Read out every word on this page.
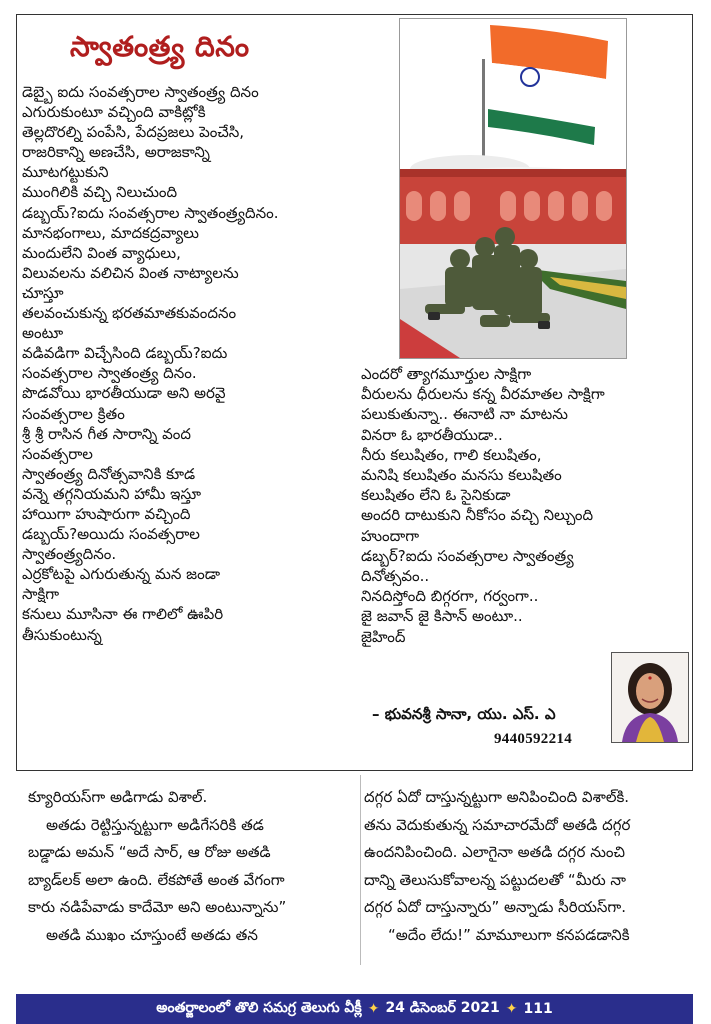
స్వాతంత్ర్య దినం
డెబ్బై ఐదు సంవత్సరాల స్వాతంత్ర్య దినం
ఎగురుకుంటూ వచ్చింది వాకిట్లోకి
తెల్లదొరల్ని పంపేసి, పేదప్రజలు పెంచేసి,
రాజరికాన్ని అణచేసి, అరాజకాన్ని
మూటగట్టుకుని
ముంగిలికి వచ్చి నిలుచుంది
డబ్బయ్?ఐదు సంవత్సరాల స్వాతంత్ర్యదినం.
మానభంగాలు, మాదకద్రవ్యాలు
మందులేని వింత వ్యాధులు,
విలువలను వలిచిన వింత నాట్యాలను
చూస్తూ
తలవంచుకున్న భరతమాతకువందనం
అంటూ
వడివడిగా విచ్చేసింది డబ్బయ్?ఐదు
సంవత్సరాల స్వాతంత్ర్య దినం.
పొడవోయి భారతీయుడా అని అరవై
సంవత్సరాల క్రితం
శ్రీ శ్రీ రాసిన గీత సారాన్ని వంద
సంవత్సరాల
స్వాతంత్ర్య దినోత్సవానికి కూడ
వన్నె తగ్గనియమని హామీ ఇస్తూ
హాయిగా హుషారుగా వచ్చింది
డబ్బయ్?అయిదు సంవత్సరాల
స్వాతంత్ర్యదినం.
ఎర్రకోటపై ఎగురుతున్న మన జండా
సాక్షిగా
కనులు మూసినా ఈ గాలిలో ఊపిరి
తీసుకుంటున్న
ఎందరో త్యాగమూర్తుల సాక్షిగా
వీరులను ధీరులను కన్న వీరమాతల సాక్షిగా
పలుకుతున్నా.. ఈనాటి నా మాటను
వినరా ఓ భారతీయుడా..
నీరు కలుషితం, గాలి కలుషితం,
మనిషి కలుషితం మనసు కలుషితం
కలుషితం లేని ఓ సైనికుడా
అందరి దాటుకుని నీకోసం వచ్చి నిల్చుంది
హుందాగా
డబ్బర్?ఐదు సంవత్సరాల స్వాతంత్ర్య
దినోత్సవం..
నినదిస్తోంది బిగ్గరగా, గర్వంగా..
జై జవాన్ జై కిసాన్ అంటూ..
జైహింద్
– భువనశ్రీ సానా, యు. ఎస్. ఎ
9440592214
క్యూరియస్‌గా అడిగాడు విశాల్.
అతడు రెట్టిస్తున్నట్టుగా అడిగేసరికి తడ
బడ్డాడు అమన్ “అదే సార్, ఆ రోజు అతడి
బ్యాడ్‌లక్ అలా ఉంది. లేకపోతే అంత వేగంగా
కారు నడిపేవాడు కాదేమో అని అంటున్నాను”
అతడి ముఖం చూస్తుంటే అతడు తన
దగ్గర ఏదో దాస్తున్నట్టుగా అనిపించింది విశాల్‌కి.
తను వెదుకుతున్న సమాచారమేదో అతడి దగ్గర
ఉందనిపించింది. ఎలాగైనా అతడి దగ్గర నుంచి
దాన్ని తెలుసుకోవాలన్న పట్టుదలతో “మీరు నా
దగ్గర ఏదో దాస్తున్నారు” అన్నాడు సీరియస్‌గా.
“అదేం లేదు!” మామూలుగా కనపడడానికి
అంతర్జాలంలో తొలి సమగ్ర తెలుగు వీక్లీ ✦ 24 డిసెంబర్ 2021 ✦ 111
